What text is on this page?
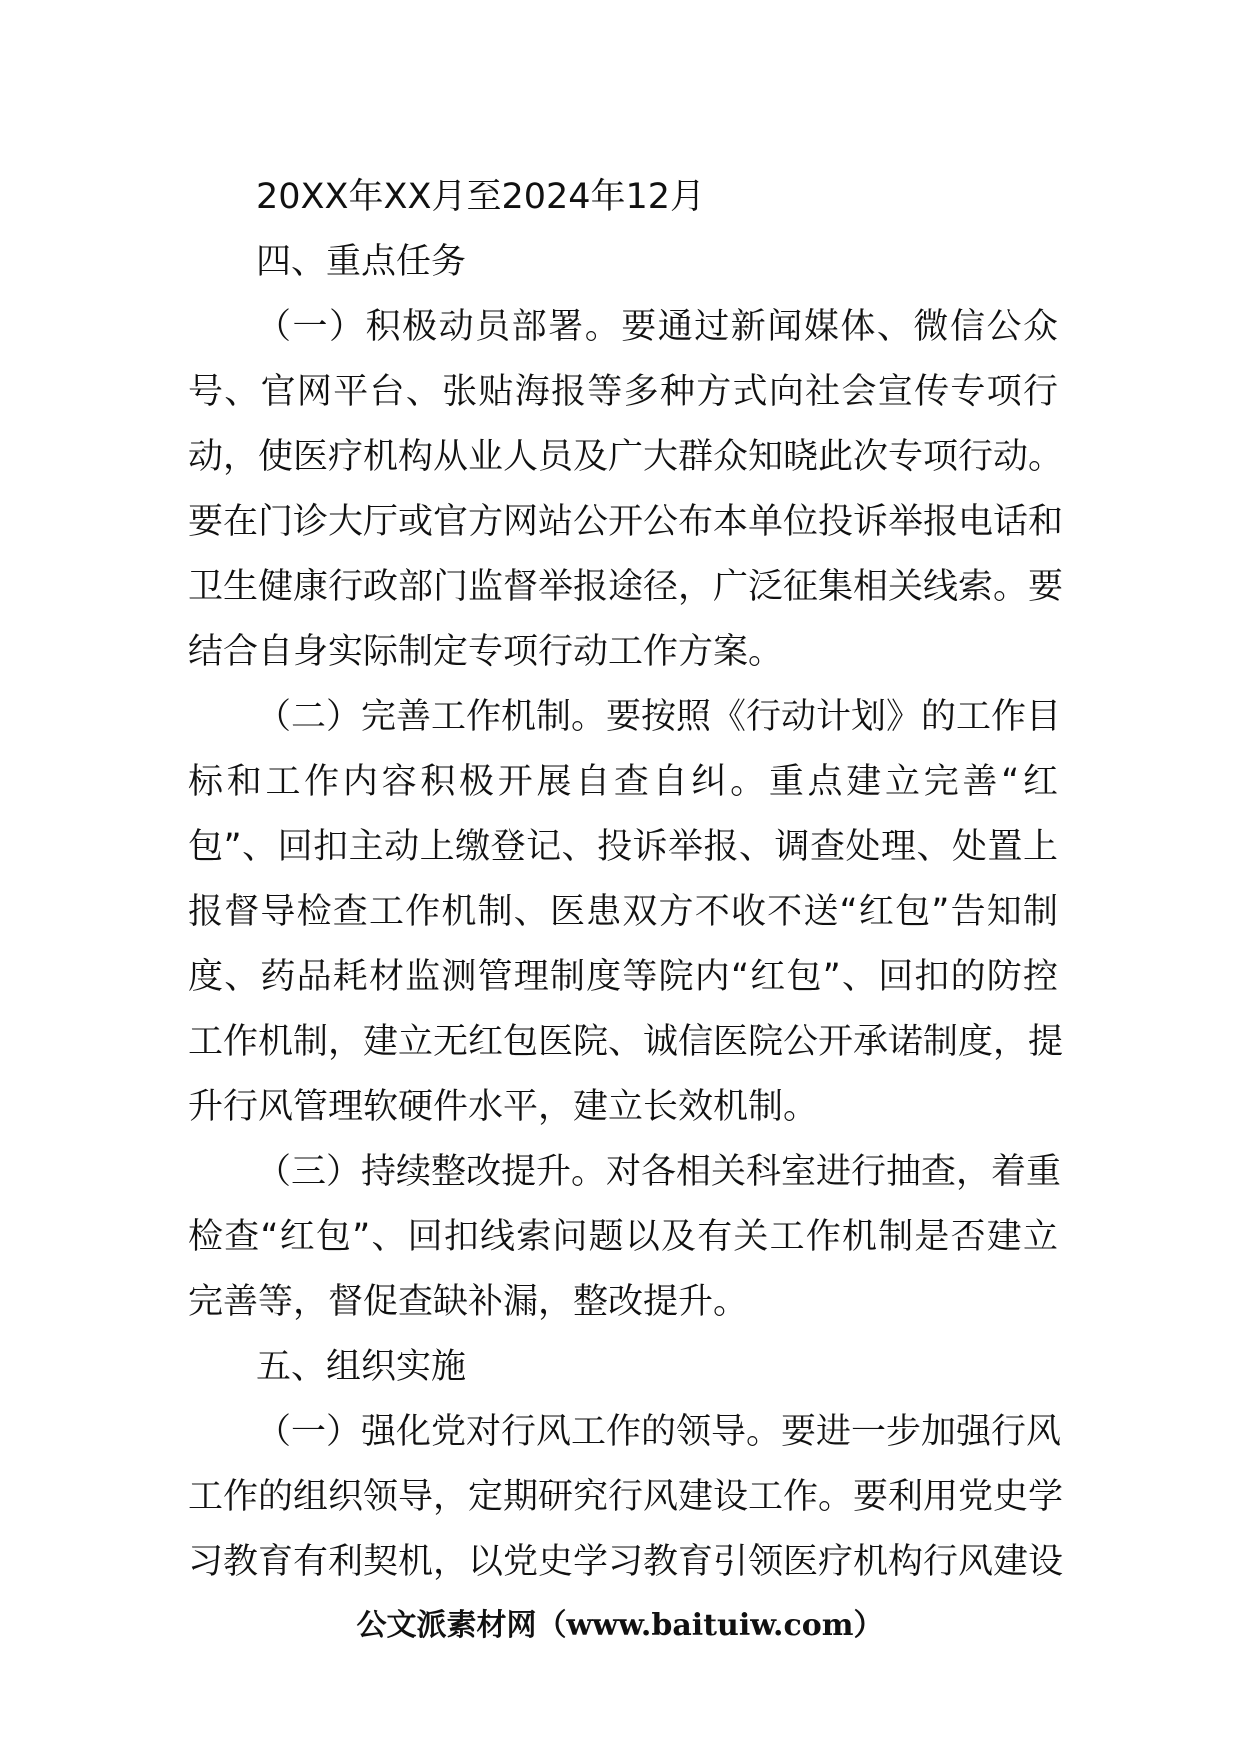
20XX年XX月至2024年12月
四、重点任务
（一）积极动员部署。要通过新闻媒体、微信公众
号、官网平台、张贴海报等多种方式向社会宣传专项行
动，使医疗机构从业人员及广大群众知晓此次专项行动。
要在门诊大厅或官方网站公开公布本单位投诉举报电话和
卫生健康行政部门监督举报途径，广泛征集相关线索。要
结合自身实际制定专项行动工作方案。
（二）完善工作机制。要按照《行动计划》的工作目
标和工作内容积极开展自查自纠。重点建立完善“红
包”、回扣主动上缴登记、投诉举报、调查处理、处置上
报督导检查工作机制、医患双方不收不送“红包”告知制
度、药品耗材监测管理制度等院内“红包”、回扣的防控
工作机制，建立无红包医院、诚信医院公开承诺制度，提
升行风管理软硬件水平，建立长效机制。
（三）持续整改提升。对各相关科室进行抽查，着重
检查“红包”、回扣线索问题以及有关工作机制是否建立
完善等，督促查缺补漏，整改提升。
五、组织实施
（一）强化党对行风工作的领导。要进一步加强行风
工作的组织领导，定期研究行风建设工作。要利用党史学
习教育有利契机，以党史学习教育引领医疗机构行风建设
公文派素材网（www.baituiw.com）
